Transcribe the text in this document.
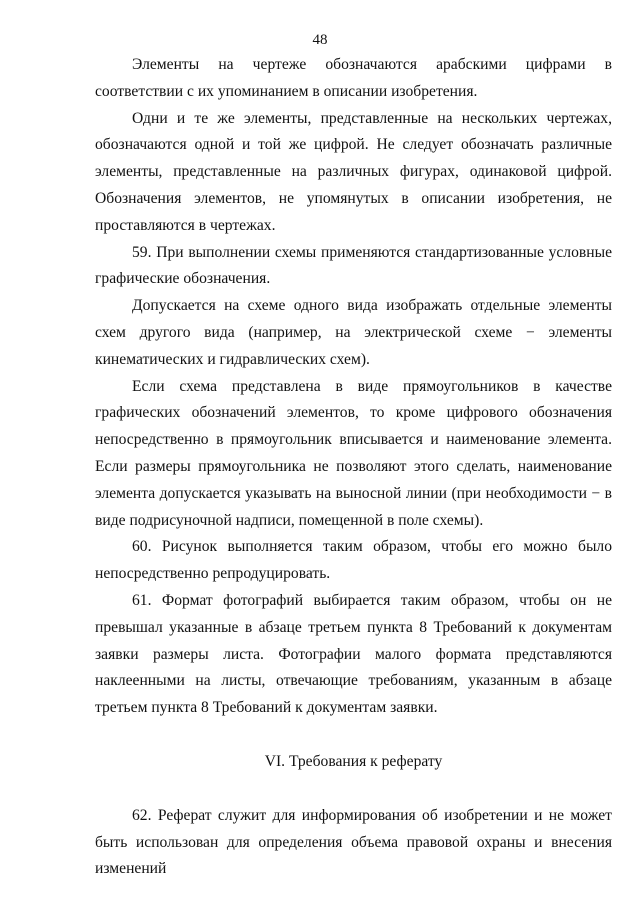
48

Элементы на чертеже обозначаются арабскими цифрами в соответствии с их упоминанием в описании изобретения.

Одни и те же элементы, представленные на нескольких чертежах, обозначаются одной и той же цифрой. Не следует обозначать различные элементы, представленные на различных фигурах, одинаковой цифрой. Обозначения элементов, не упомянутых в описании изобретения, не проставляются в чертежах.

59. При выполнении схемы применяются стандартизованные условные графические обозначения.

Допускается на схеме одного вида изображать отдельные элементы схем другого вида (например, на электрической схеме − элементы кинематических и гидравлических схем).

Если схема представлена в виде прямоугольников в качестве графических обозначений элементов, то кроме цифрового обозначения непосредственно в прямоугольник вписывается и наименование элемента. Если размеры прямоугольника не позволяют этого сделать, наименование элемента допускается указывать на выносной линии (при необходимости − в виде подрисуночной надписи, помещенной в поле схемы).

60. Рисунок выполняется таким образом, чтобы его можно было непосредственно репродуцировать.

61. Формат фотографий выбирается таким образом, чтобы он не превышал указанные в абзаце третьем пункта 8 Требований к документам заявки размеры листа. Фотографии малого формата представляются наклеенными на листы, отвечающие требованиям, указанным в абзаце третьем пункта 8 Требований к документам заявки.

VI. Требования к реферату

62. Реферат служит для информирования об изобретении и не может быть использован для определения объема правовой охраны и внесения изменений
